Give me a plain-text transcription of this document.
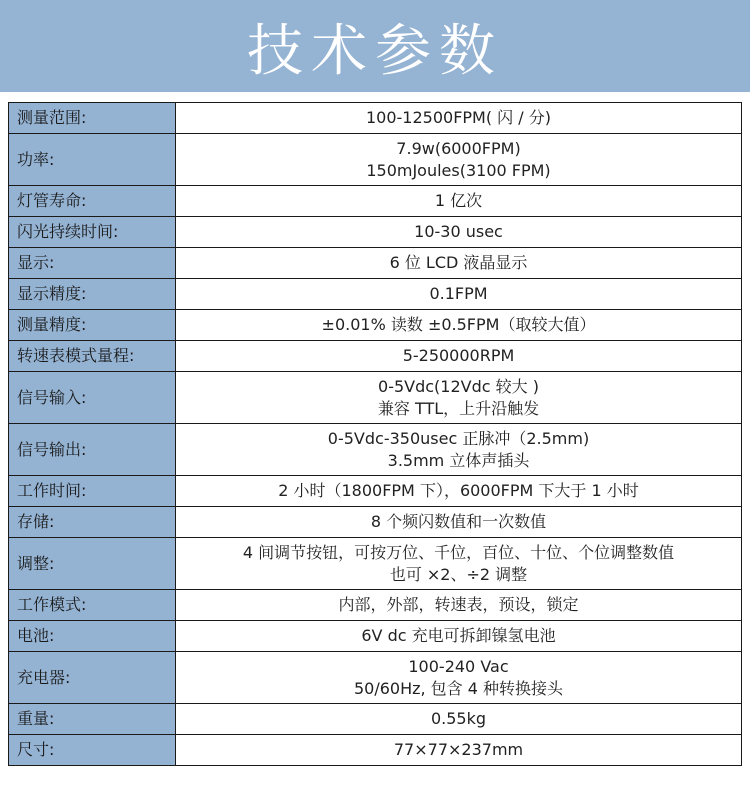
技术参数
测量范围:	100-12500FPM( 闪 / 分)

功率:	7.9w(6000FPM)
150mJoules(3100 FPM)

灯管寿命:	1 亿次

闪光持续时间:	10-30 usec

显示:	6 位 LCD 液晶显示

显示精度:	0.1FPM

测量精度:	±0.01% 读数 ±0.5FPM（取较大值）

转速表模式量程:	5-250000RPM

信号输入:	0-5Vdc(12Vdc 较大 )
兼容 TTL，上升沿触发

信号输出:	0-5Vdc-350usec 正脉冲（2.5mm)
3.5mm 立体声插头

工作时间:	2 小时（1800FPM 下），6000FPM 下大于 1 小时

存储:	8 个频闪数值和一次数值

调整:	4 间调节按钮，可按万位、千位，百位、十位、个位调整数值
也可 ×2、÷2 调整

工作模式:	内部，外部，转速表，预设，锁定

电池:	6V dc 充电可拆卸镍氢电池

充电器:	100-240 Vac
50/60Hz, 包含 4 种转换接头

重量:	0.55kg

尺寸:	77×77×237mm
